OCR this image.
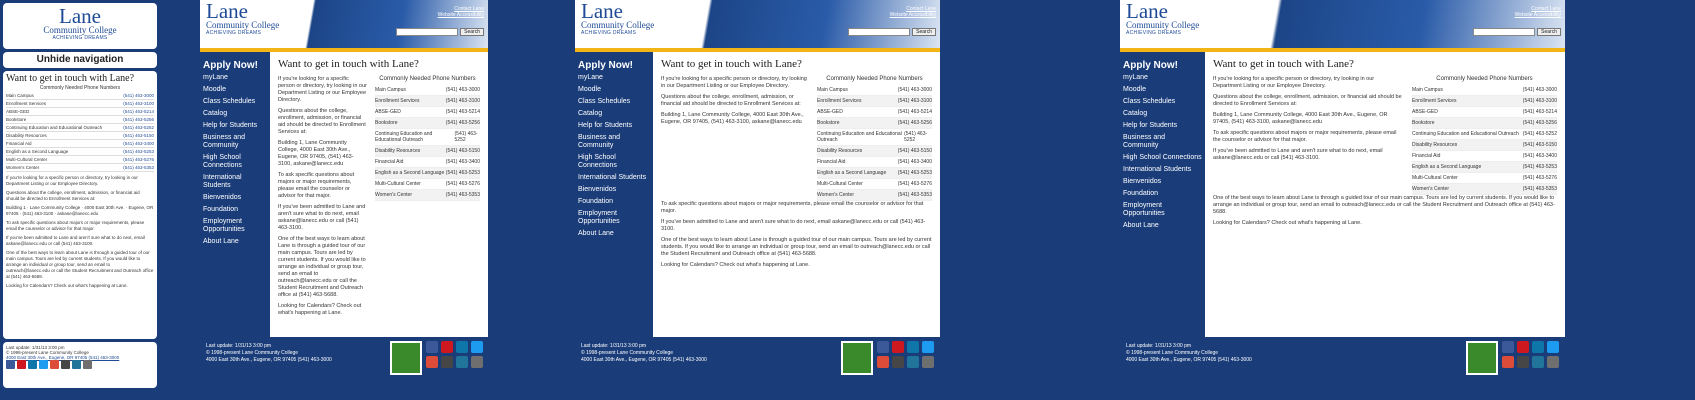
Lane
Community College
ACHIEVING DREAMS
Unhide navigation
Want to get in touch with Lane?
Commonly Needed Phone Numbers
Main Campus	(541) 463-3000
Enrollment Services	(541) 463-3100
ABSE-GED	(541) 463-5214
Bookstore	(541) 463-5256
Continuing Education and Educational Outreach	(541) 463-5252
Disability Resources	(541) 463-5150
Financial Aid	(541) 463-3400
English as a Second Language	(541) 463-5253
Multi-Cultural Center	(541) 463-5276
Women's Center	(541) 463-5353
If you're looking for a specific person or directory, try looking in our Department Listing or our Employee Directory.
Questions about the college, enrollment, admission, or financial aid should be directed to Enrollment Services at:
Building 1 · Lane Community College · 4000 East 30th Ave. · Eugene, OR 97405 · (541) 463-3100 · askane@lanecc.edu
To ask specific questions about majors or major requirements, please email the counselor or advisor for that major.
If you've been admitted to Lane and aren't sure what to do next, email askane@lanecc.edu or call (541) 463-3100.
One of the best ways to learn about Lane is through a guided tour of our main campus. Tours are led by current students. If you would like to arrange an individual or group tour, send an email to outreach@lanecc.edu or call the Student Recruitment and Outreach office at (541) 463-5688.
Looking for Calendars? Check out what's happening at Lane.
Last update: 1/31/13 3:00 pm
© 1998-present Lane Community College
4000 East 30th Ave., Eugene, OR 97405 (541) 463-3000
Lane
Community College
ACHIEVING DREAMS
Contact Lane
Website Accessibility
Search
Apply Now!
myLane
Moodle
Class Schedules
Catalog
Help for Students
Business and Community
High School Connections
International Students
Bienvenidos
Foundation
Employment Opportunities
About Lane
Want to get in touch with Lane?
If you're looking for a specific person or directory, try looking in our Department Listing or our Employee Directory.
Questions about the college, enrollment, admission, or financial aid should be directed to Enrollment Services at:
Building 1, Lane Community College, 4000 East 30th Ave., Eugene, OR 97405, (541) 463-3100, askane@lanecc.edu
To ask specific questions about majors or major requirements, please email the counselor or advisor for that major.
If you've been admitted to Lane and aren't sure what to do next, email askane@lanecc.edu or call (541) 463-3100.
One of the best ways to learn about Lane is through a guided tour of our main campus. Tours are led by current students. If you would like to arrange an individual or group tour, send an email to outreach@lanecc.edu or call the Student Recruitment and Outreach office at (541) 463-5688.
Looking for Calendars? Check out what's happening at Lane.
Commonly Needed Phone Numbers
Main Campus	(541) 463-3000
Enrollment Services	(541) 463-3100
ABSE-GED	(541) 463-5214
Bookstore	(541) 463-5256
Continuing Education and Educational Outreach
(541) 463-5252
Disability Resources	(541) 463-5150
Financial Aid	(541) 463-3400
English as a Second Language (541) 463-5253
Multi-Cultural Center	(541) 463-5276
Women's Center	(541) 463-5353
Home
Last update: 1/31/13 3:00 pm
© 1998-present Lane Community College
4000 East 30th Ave., Eugene, OR 97405 (541) 463-3000
Lane
Community College
ACHIEVING DREAMS
Contact Lane
Website Accessibility
Search
Apply Now!
myLane
Moodle
Class Schedules
Catalog
Help for Students
Business and Community
High School Connections
International Students
Bienvenidos
Foundation
Employment Opportunities
About Lane
Want to get in touch with Lane?
If you're looking for a specific person or directory, try looking in our Department Listing or our Employee Directory.
Questions about the college, enrollment, admission, or financial aid should be directed to Enrollment Services at:
Building 1, Lane Community College, 4000 East 30th Ave., Eugene, OR 97405, (541) 463-3100, askane@lanecc.edu
Commonly Needed Phone Numbers
Main Campus	(541) 463-3000
Enrollment Services	(541) 463-3100
ABSE-GED	(541) 463-5214
Bookstore	(541) 463-5256
Continuing Education and Educational Outreach
(541) 463-5252
Disability Resources	(541) 463-5150
Financial Aid	(541) 463-3400
English as a Second Language (541) 463-5253
Multi-Cultural Center	(541) 463-5276
Women's Center	(541) 463-5353
To ask specific questions about majors or major requirements, please email the counselor or advisor for that major.
If you've been admitted to Lane and aren't sure what to do next, email askane@lanecc.edu or call (541) 463-3100.
One of the best ways to learn about Lane is through a guided tour of our main campus. Tours are led by current students. If you would like to arrange an individual or group tour, send an email to outreach@lanecc.edu or call the Student Recruitment and Outreach office at (541) 463-5688.
Looking for Calendars? Check out what's happening at Lane.
Home
Last update: 1/31/13 3:00 pm
© 1998-present Lane Community College
4000 East 30th Ave., Eugene, OR 97405 (541) 463-3000
Lane
Community College
ACHIEVING DREAMS
Contact Lane
Website Accessibility
Search
Apply Now!
myLane
Moodle
Class Schedules
Catalog
Help for Students
Business and Community
High School Connections
International Students
Bienvenidos
Foundation
Employment Opportunities
About Lane
Want to get in touch with Lane?
If you're looking for a specific person or directory, try looking in our Department Listing or our Employee Directory.
Questions about the college, enrollment, admission, or financial aid should be directed to Enrollment Services at:
Building 1, Lane Community College, 4000 East 30th Ave., Eugene, OR 97405, (541) 463-3100, askane@lanecc.edu
To ask specific questions about majors or major requirements, please email the counselor or advisor for that major.
If you've been admitted to Lane and aren't sure what to do next, email askane@lanecc.edu or call (541) 463-3100.
Commonly Needed Phone Numbers
Main Campus	(541) 463-3000
Enrollment Services	(541) 463-3100
ABSE-GED	(541) 463-5214
Bookstore	(541) 463-5256
Continuing Education and Educational Outreach (541) 463-5252
Disability Resources	(541) 463-5150
Financial Aid	(541) 463-3400
English as a Second Language	(541) 463-5253
Multi-Cultural Center	(541) 463-5276
Women's Center	(541) 463-5353
One of the best ways to learn about Lane is through a guided tour of our main campus. Tours are led by current students. If you would like to arrange an individual or group tour, send an email to outreach@lanecc.edu or call the Student Recruitment and Outreach office at (541) 463-5688.
Looking for Calendars? Check out what's happening at Lane.
Home
Last update: 1/31/13 3:00 pm
© 1998-present Lane Community College
4000 East 30th Ave., Eugene, OR 97405 (541) 463-3000
